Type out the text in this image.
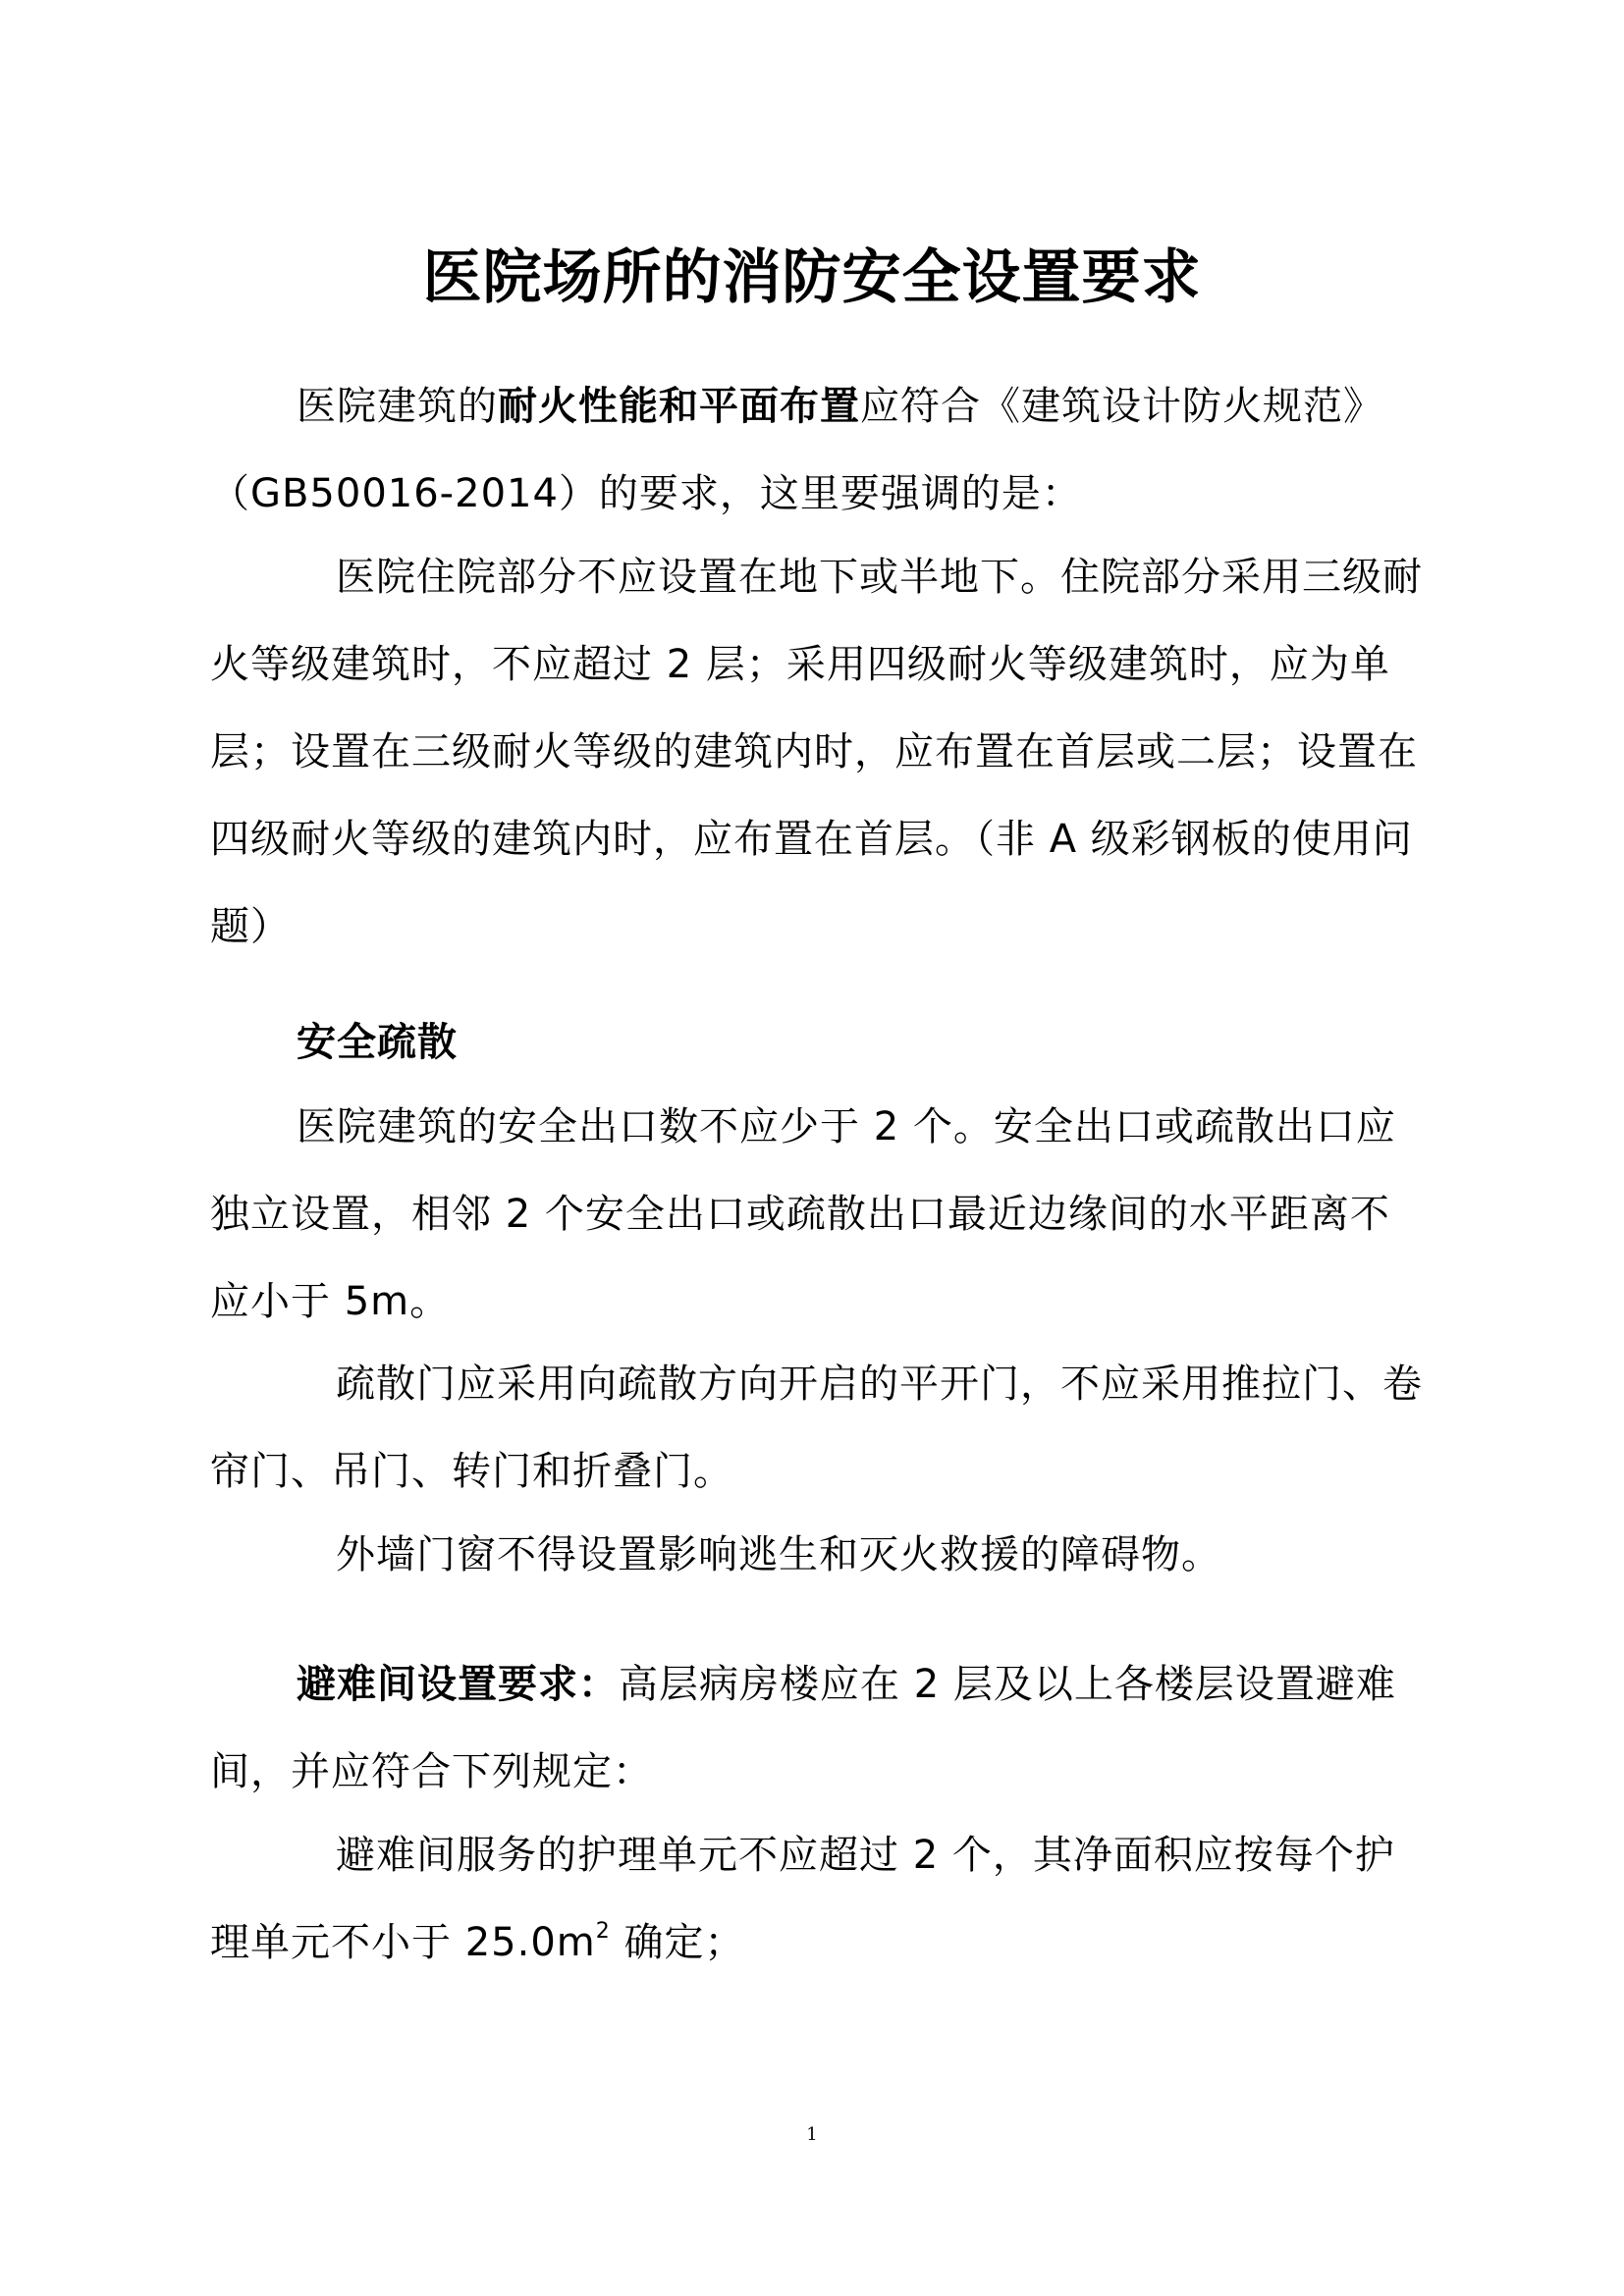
医院场所的消防安全设置要求

医院建筑的耐火性能和平面布置应符合《建筑设计防火规范》（GB50016-2014）的要求，这里要强调的是：

医院住院部分不应设置在地下或半地下。住院部分采用三级耐火等级建筑时，不应超过 2 层；采用四级耐火等级建筑时，应为单层；设置在三级耐火等级的建筑内时，应布置在首层或二层；设置在四级耐火等级的建筑内时，应布置在首层。（非 A 级彩钢板的使用问题）

安全疏散

医院建筑的安全出口数不应少于 2 个。安全出口或疏散出口应独立设置，相邻 2 个安全出口或疏散出口最近边缘间的水平距离不应小于 5m。

疏散门应采用向疏散方向开启的平开门，不应采用推拉门、卷帘门、吊门、转门和折叠门。

外墙门窗不得设置影响逃生和灭火救援的障碍物。

避难间设置要求：高层病房楼应在 2 层及以上各楼层设置避难间，并应符合下列规定：

避难间服务的护理单元不应超过 2 个，其净面积应按每个护理单元不小于 $25.0m^2$ 确定；

1
